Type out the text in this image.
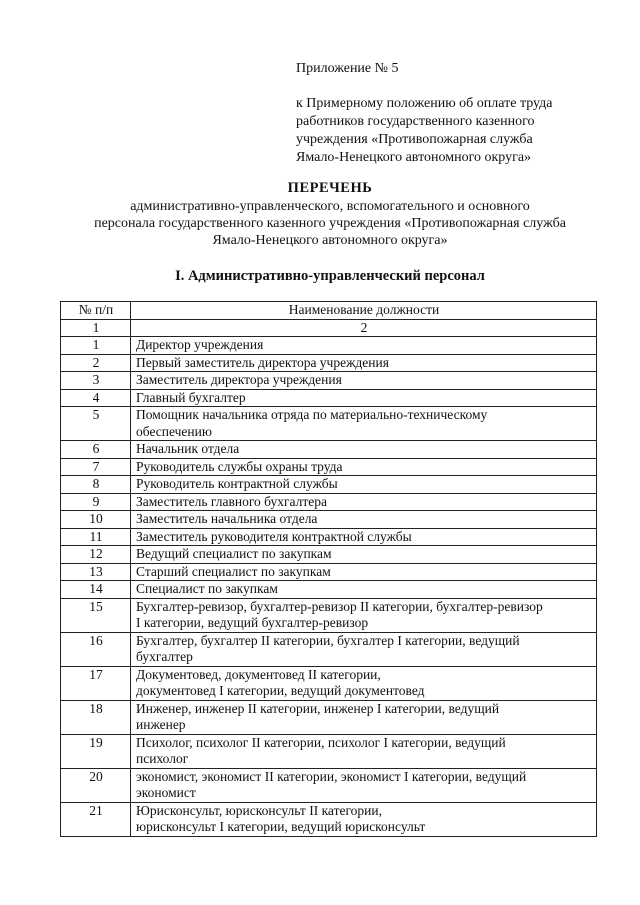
Приложение № 5
к Примерному положению об оплате труда
работников государственного казенного
учреждения «Противопожарная служба
Ямало-Ненецкого автономного округа»
ПЕРЕЧЕНЬ
административно-управленческого, вспомогательного и основного
персонала государственного казенного учреждения «Противопожарная служба
Ямало-Ненецкого автономного округа»
I. Административно-управленческий персонал
№ п/п	Наименование должности
1	2
1	Директор учреждения

2	Первый заместитель директора учреждения

3	Заместитель директора учреждения

4	Главный бухгалтер

5	Помощник начальника отряда по материально-техническому
обеспечению

6	Начальник отдела

7	Руководитель службы охраны труда

8	Руководитель контрактной службы

9	Заместитель главного бухгалтера

10	Заместитель начальника отдела

11	Заместитель руководителя контрактной службы

12	Ведущий специалист по закупкам

13	Старший специалист по закупкам

14	Специалист по закупкам

15	Бухгалтер-ревизор, бухгалтер-ревизор II категории, бухгалтер-ревизор
I категории, ведущий бухгалтер-ревизор

16	Бухгалтер, бухгалтер II категории, бухгалтер I категории, ведущий
бухгалтер

17	Документовед, документовед II категории,
документовед I категории, ведущий документовед

18	Инженер, инженер II категории, инженер I категории, ведущий
инженер

19	Психолог, психолог II категории, психолог I категории, ведущий
психолог

20	экономист, экономист II категории, экономист I категории, ведущий
экономист

21	Юрисконсульт, юрисконсульт II категории,
юрисконсульт I категории, ведущий юрисконсульт
